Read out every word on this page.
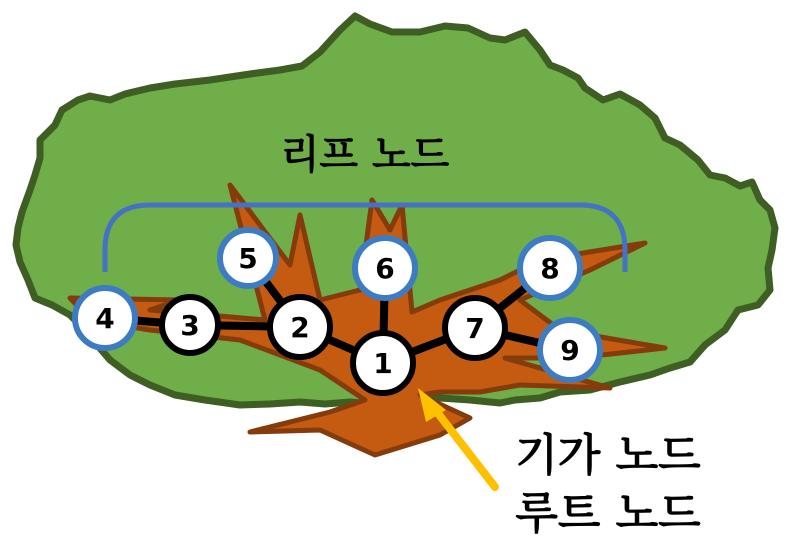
4 3
5
2
6
1
7
8
9
리프 노드
기가 노드
루트 노드
